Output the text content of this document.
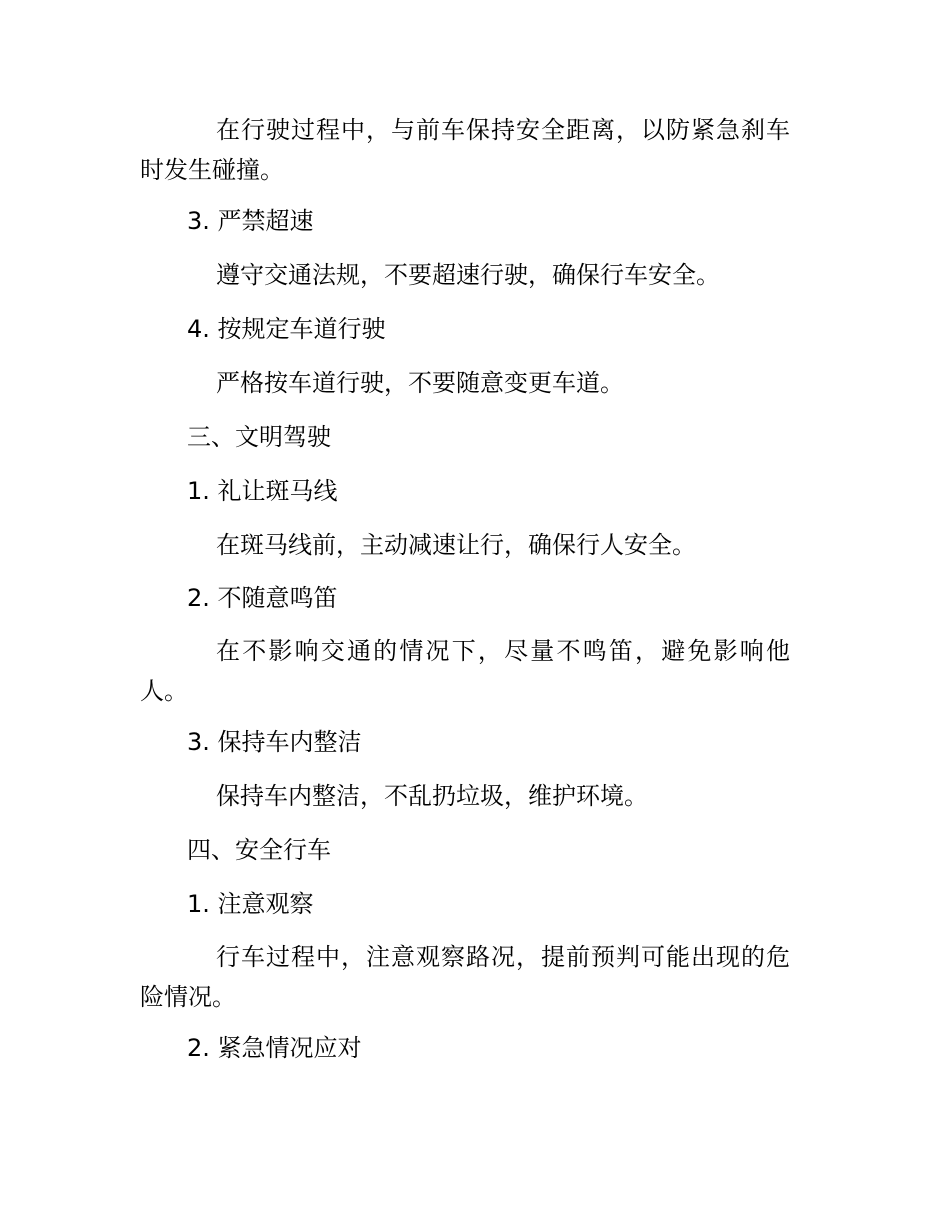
在行驶过程中，与前车保持安全距离，以防紧急刹车时发生碰撞。
3. 严禁超速
遵守交通法规，不要超速行驶，确保行车安全。
4. 按规定车道行驶
严格按车道行驶，不要随意变更车道。
三、文明驾驶
1. 礼让斑马线
在斑马线前，主动减速让行，确保行人安全。
2. 不随意鸣笛
在不影响交通的情况下，尽量不鸣笛，避免影响他人。
3. 保持车内整洁
保持车内整洁，不乱扔垃圾，维护环境。
四、安全行车
1. 注意观察
行车过程中，注意观察路况，提前预判可能出现的危险情况。
2. 紧急情况应对
